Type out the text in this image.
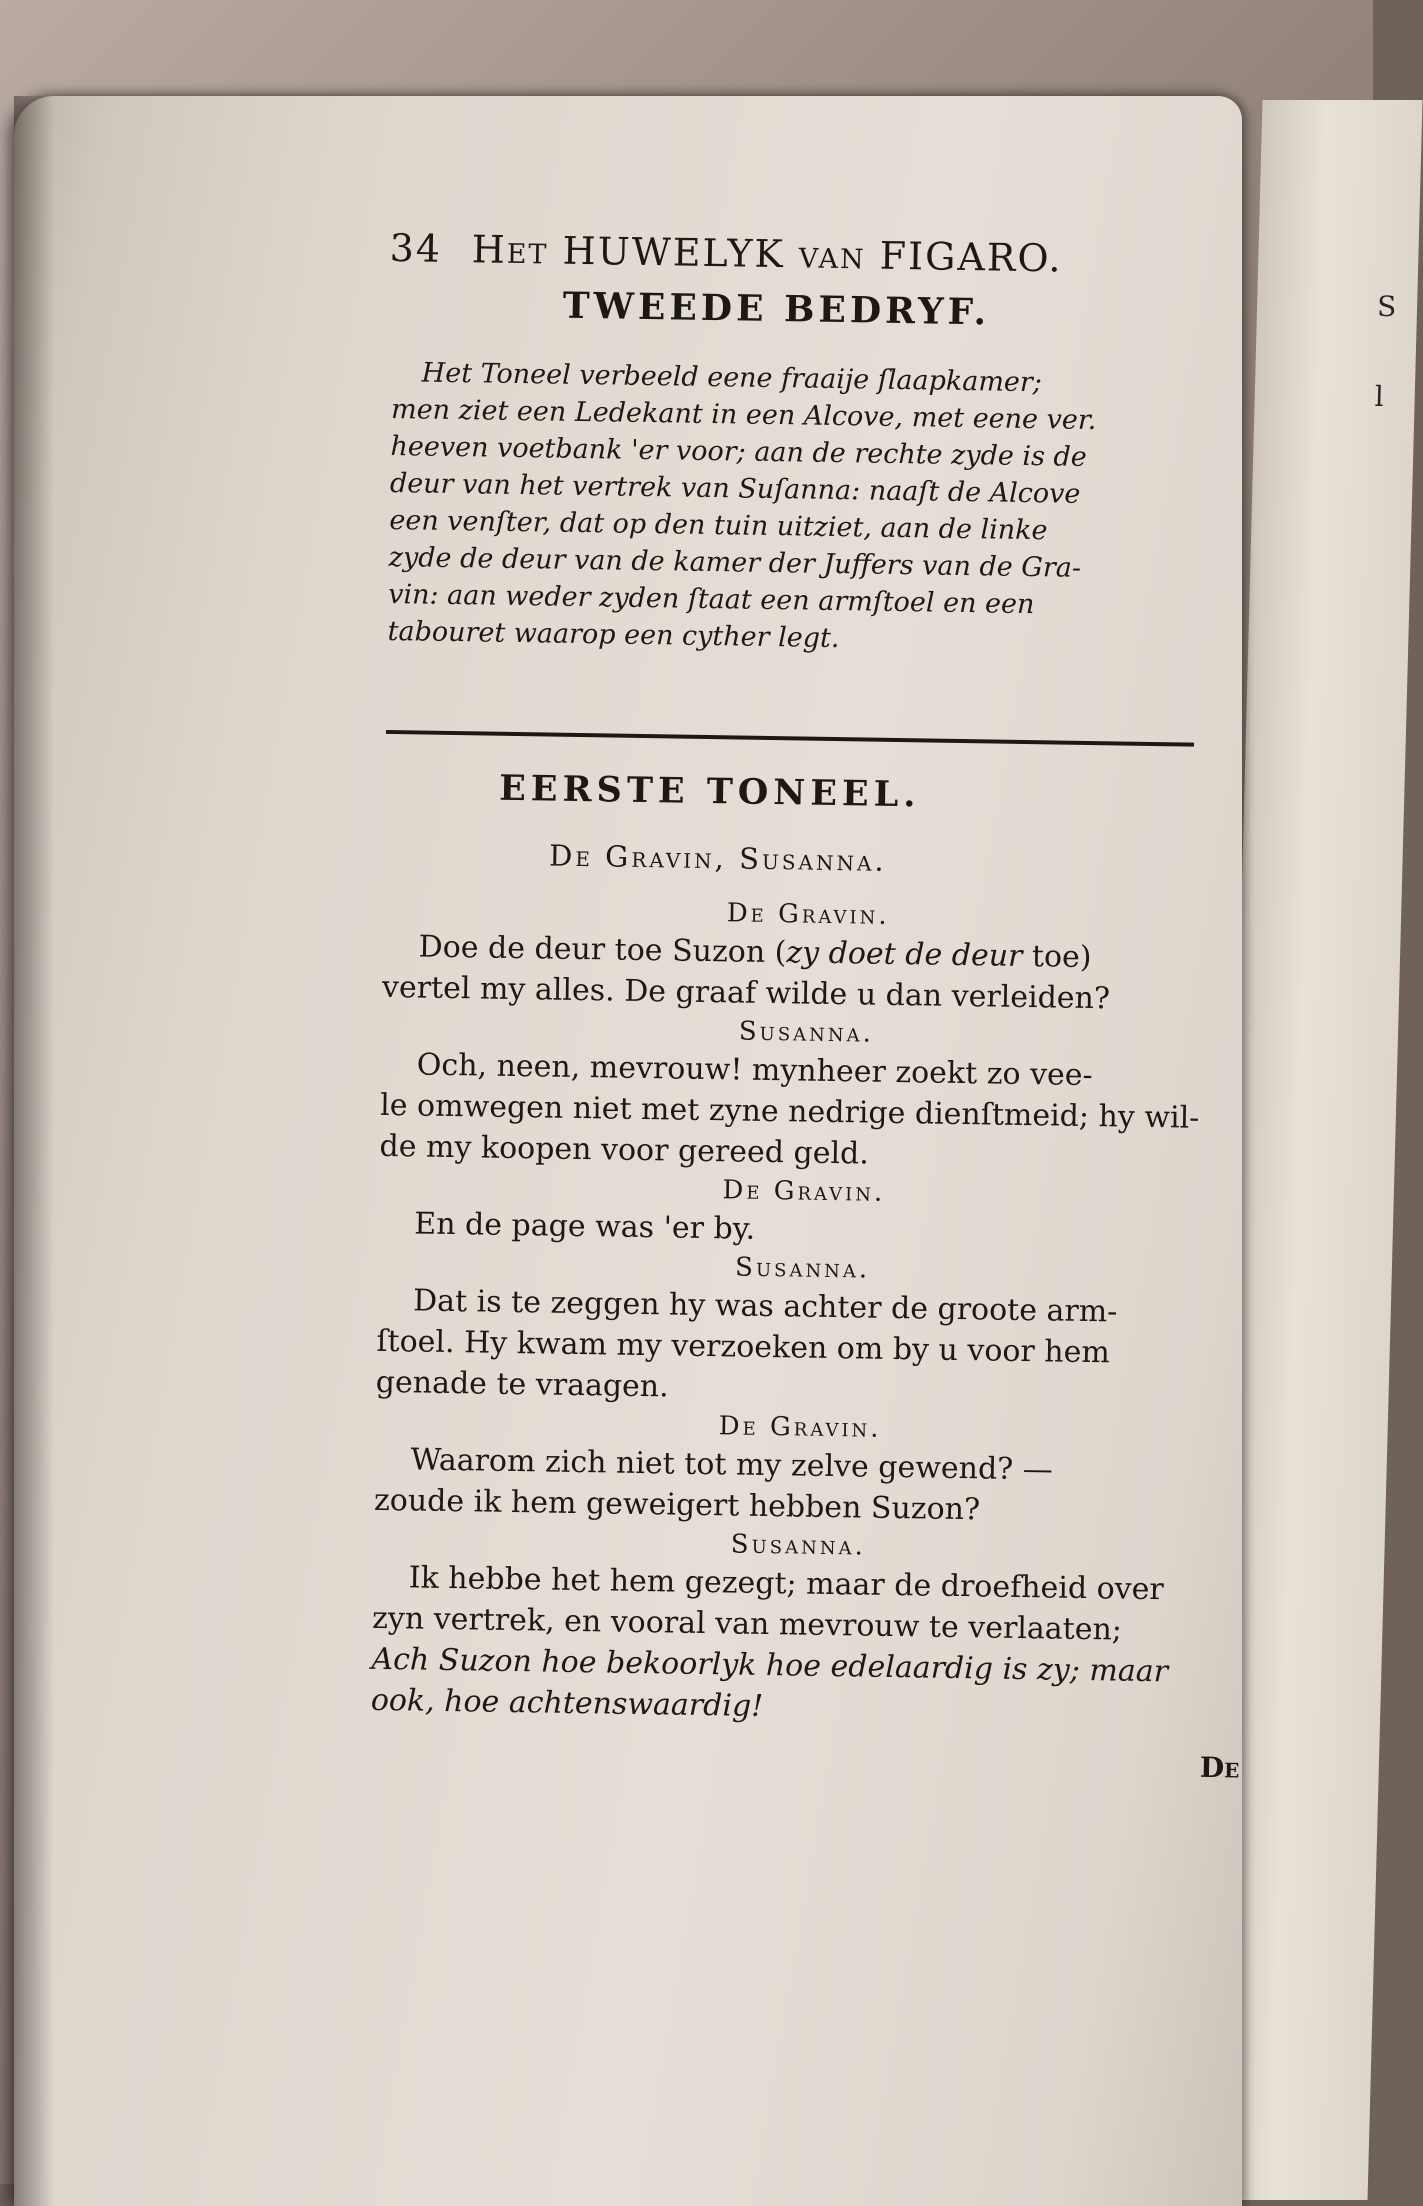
S
l
34 Het HUWELYK van FIGARO.
TWEEDE BEDRYF.
Het Toneel verbeeld eene fraaije ſlaapkamer;
men ziet een Ledekant in een Alcove, met eene ver.
heeven voetbank 'er voor; aan de rechte zyde is de
deur van het vertrek van Suſanna: naaſt de Alcove
een venſter, dat op den tuin uitziet, aan de linke
zyde de deur van de kamer der Juffers van de Gra-
vin: aan weder zyden ſtaat een armſtoel en een
tabouret waarop een cyther legt.
EERSTE TONEEL.
De Gravin, Susanna.
De Gravin.
Doe de deur toe Suzon (zy doet de deur toe)
vertel my alles. De graaf wilde u dan verleiden?
Susanna.
Och, neen, mevrouw! mynheer zoekt zo vee-
le omwegen niet met zyne nedrige dienſtmeid; hy wil-
de my koopen voor gereed geld.
De Gravin.
En de page was 'er by.
Susanna.
Dat is te zeggen hy was achter de groote arm-
ſtoel. Hy kwam my verzoeken om by u voor hem
genade te vraagen.
De Gravin.
Waarom zich niet tot my zelve gewend? —
zoude ik hem geweigert hebben Suzon?
Susanna.
Ik hebbe het hem gezegt; maar de droefheid over
zyn vertrek, en vooral van mevrouw te verlaaten;
Ach Suzon hoe bekoorlyk hoe edelaardig is zy; maar
ook, hoe achtenswaardig!
De
